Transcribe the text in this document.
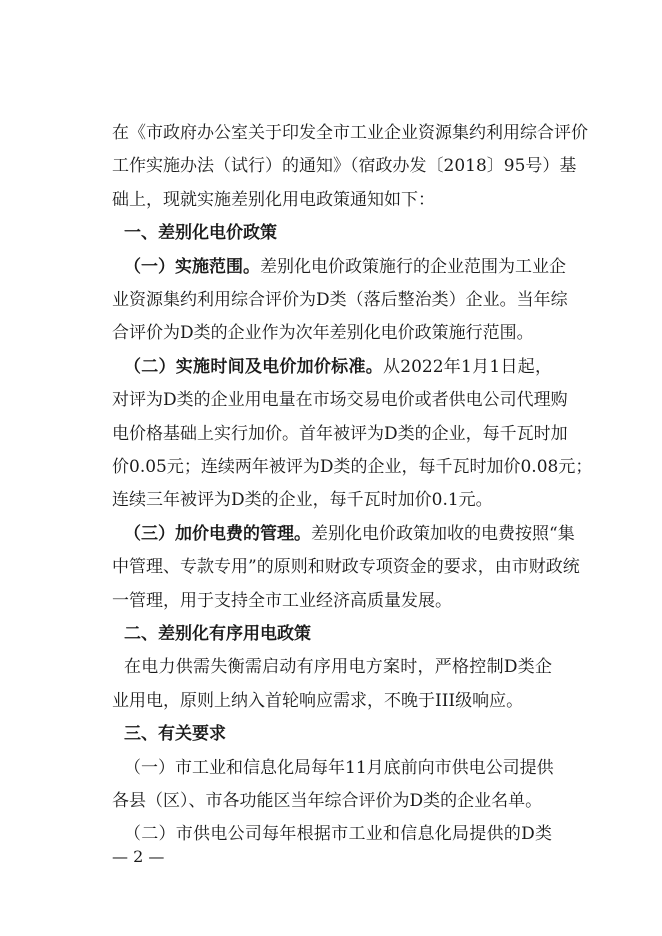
在《市政府办公室关于印发全市工业企业资源集约利用综合评价
工作实施办法（试行）的通知》（宿政办发〔2018〕95号）基
础上，现就实施差别化用电政策通知如下：
一、差别化电价政策
（一）实施范围。差别化电价政策施行的企业范围为工业企
业资源集约利用综合评价为D类（落后整治类）企业。当年综
合评价为D类的企业作为次年差别化电价政策施行范围。
（二）实施时间及电价加价标准。从2022年1月1日起，
对评为D类的企业用电量在市场交易电价或者供电公司代理购
电价格基础上实行加价。首年被评为D类的企业，每千瓦时加
价0.05元；连续两年被评为D类的企业，每千瓦时加价0.08元；
连续三年被评为D类的企业，每千瓦时加价0.1元。
（三）加价电费的管理。差别化电价政策加收的电费按照“集
中管理、专款专用”的原则和财政专项资金的要求，由市财政统
一管理，用于支持全市工业经济高质量发展。
二、差别化有序用电政策
在电力供需失衡需启动有序用电方案时，严格控制D类企
业用电，原则上纳入首轮响应需求，不晚于III级响应。
三、有关要求
（一）市工业和信息化局每年11月底前向市供电公司提供
各县（区）、市各功能区当年综合评价为D类的企业名单。
（二）市供电公司每年根据市工业和信息化局提供的D类
— 2 —
